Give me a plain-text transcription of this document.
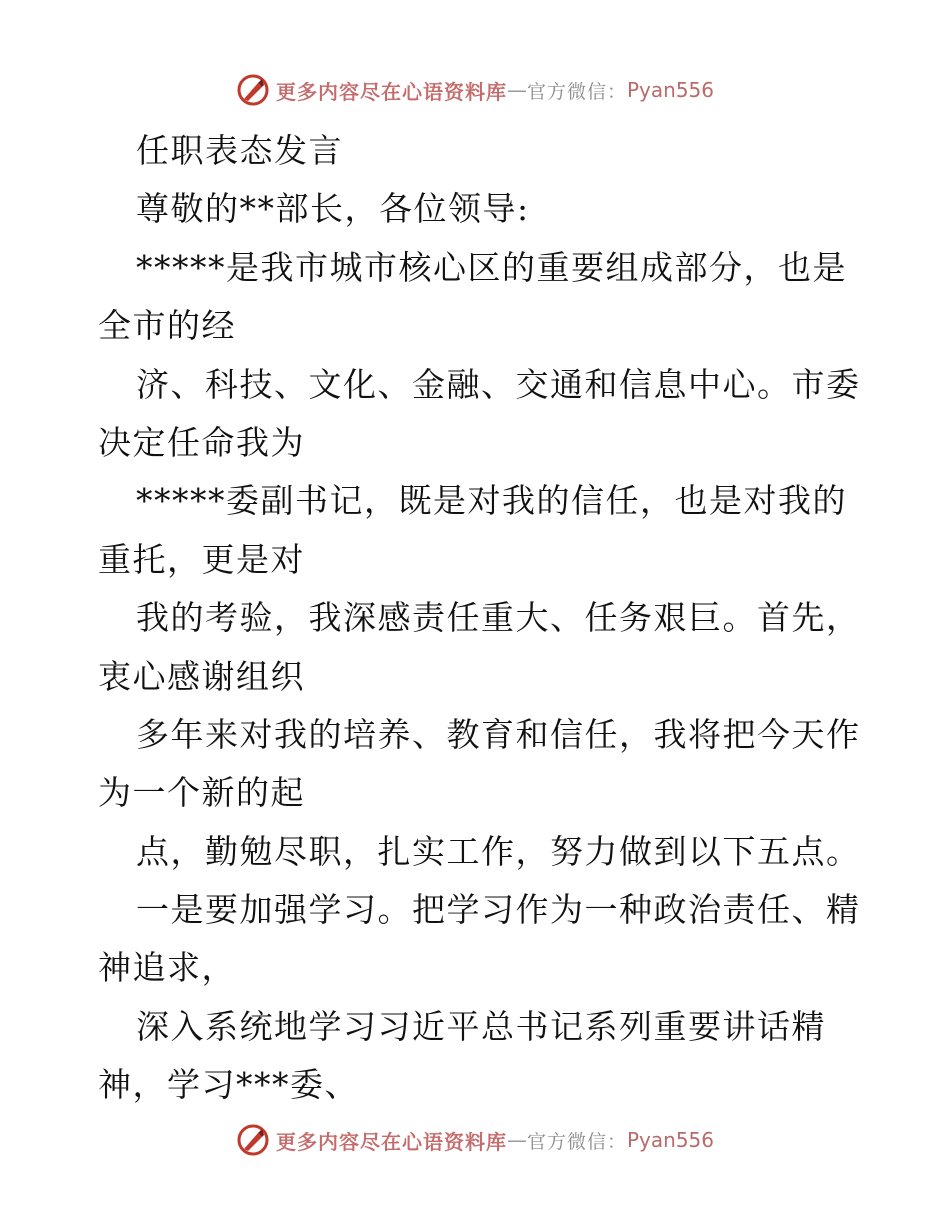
更多内容尽在心语资料库 — 官方微信： Pyan556
任职表态发言
尊敬的**部长，各位领导:
*****是我市城市核心区的重要组成部分，也是
全市的经
济、科技、文化、金融、交通和信息中心。市委
决定任命我为
*****委副书记，既是对我的信任，也是对我的
重托，更是对
我的考验，我深感责任重大、任务艰巨。首先，
衷心感谢组织
多年来对我的培养、教育和信任，我将把今天作
为一个新的起
点，勤勉尽职，扎实工作，努力做到以下五点。
一是要加强学习。把学习作为一种政治责任、精
神追求，
深入系统地学习习近平总书记系列重要讲话精
神，学习***委、
更多内容尽在心语资料库 — 官方微信： Pyan556
